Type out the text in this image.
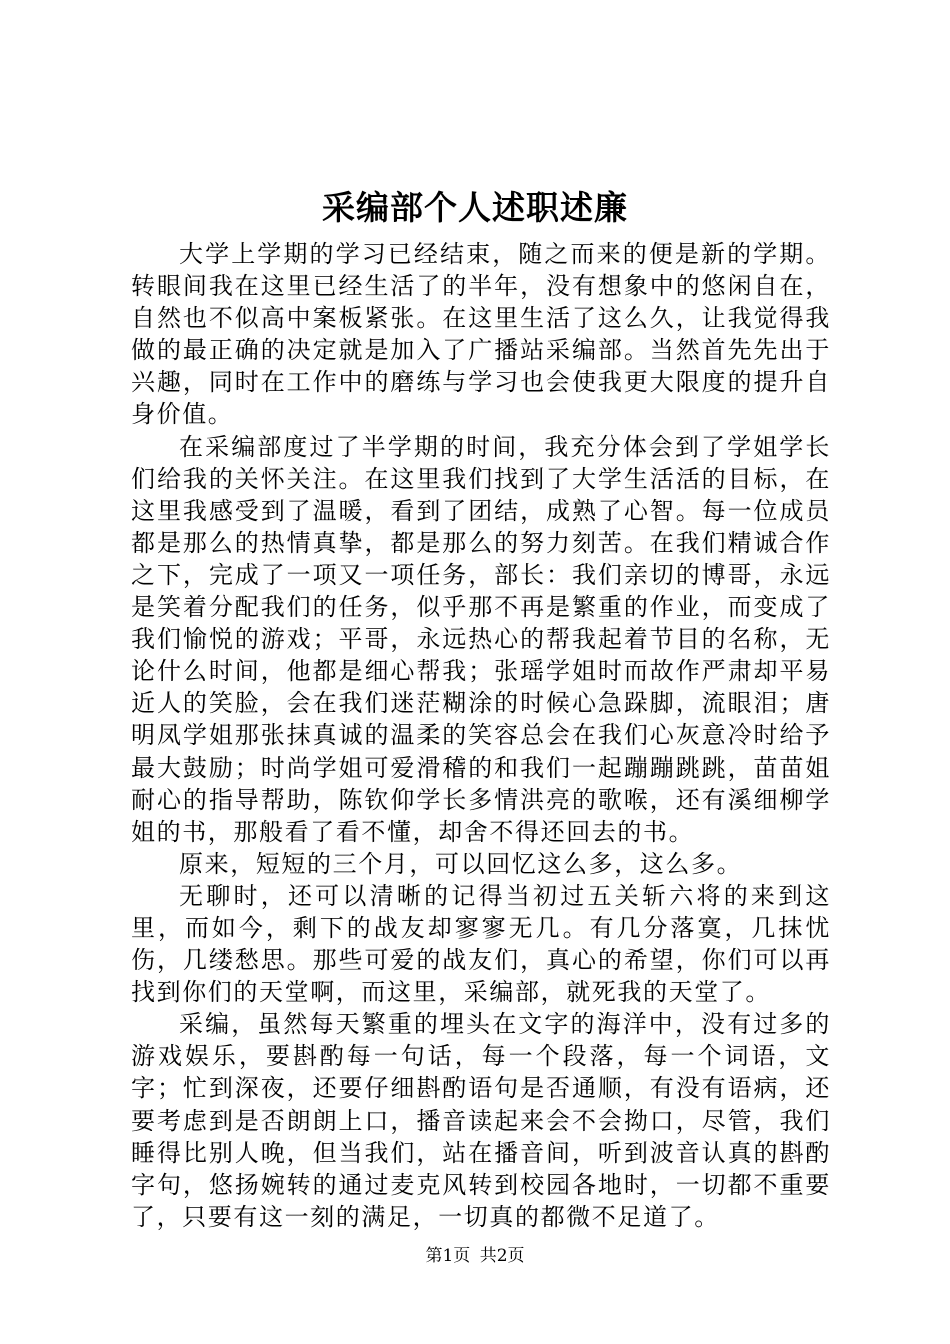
采编部个人述职述廉

大学上学期的学习已经结束，随之而来的便是新的学期。转眼间我在这里已经生活了的半年，没有想象中的悠闲自在，自然也不似高中案板紧张。在这里生活了这么久，让我觉得我做的最正确的决定就是加入了广播站采编部。当然首先先出于兴趣，同时在工作中的磨练与学习也会使我更大限度的提升自身价值。

在采编部度过了半学期的时间，我充分体会到了学姐学长们给我的关怀关注。在这里我们找到了大学生活活的目标，在这里我感受到了温暖，看到了团结，成熟了心智。每一位成员都是那么的热情真挚，都是那么的努力刻苦。在我们精诚合作之下，完成了一项又一项任务，部长：我们亲切的博哥，永远是笑着分配我们的任务，似乎那不再是繁重的作业，而变成了我们愉悦的游戏；平哥，永远热心的帮我起着节目的名称，无论什么时间，他都是细心帮我；张瑶学姐时而故作严肃却平易近人的笑脸，会在我们迷茫糊涂的时候心急跺脚，流眼泪；唐明凤学姐那张抹真诚的温柔的笑容总会在我们心灰意冷时给予最大鼓励；时尚学姐可爱滑稽的和我们一起蹦蹦跳跳，苗苗姐耐心的指导帮助，陈钦仰学长多情洪亮的歌喉，还有溪细柳学姐的书，那般看了看不懂，却舍不得还回去的书。

原来，短短的三个月，可以回忆这么多，这么多。

无聊时，还可以清晰的记得当初过五关斩六将的来到这里，而如今，剩下的战友却寥寥无几。有几分落寞，几抹忧伤，几缕愁思。那些可爱的战友们，真心的希望，你们可以再找到你们的天堂啊，而这里，采编部，就死我的天堂了。

采编，虽然每天繁重的埋头在文字的海洋中，没有过多的游戏娱乐，要斟酌每一句话，每一个段落，每一个词语，文字；忙到深夜，还要仔细斟酌语句是否通顺，有没有语病，还要考虑到是否朗朗上口，播音读起来会不会拗口，尽管，我们睡得比别人晚，但当我们，站在播音间，听到波音认真的斟酌字句，悠扬婉转的通过麦克风转到校园各地时，一切都不重要了，只要有这一刻的满足，一切真的都微不足道了。

第1页 共2页
